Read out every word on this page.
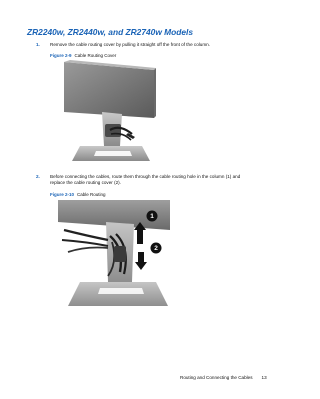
ZR2240w, ZR2440w, and ZR2740w Models
1. Remove the cable routing cover by pulling it straight off the front of the column.
Figure 2-9 Cable Routing Cover
2. Before connecting the cables, route them through the cable routing hole in the column (1) and
replace the cable routing cover (2).
Figure 2-10 Cable Routing
1
2
Routing and Connecting the Cables 13
